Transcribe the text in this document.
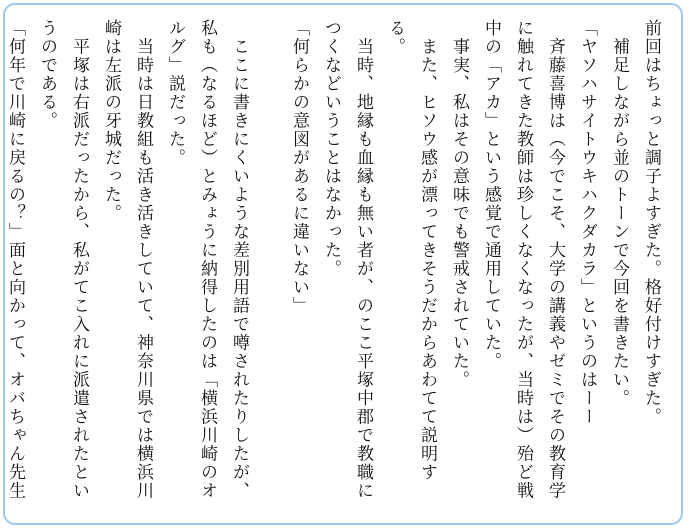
前回はちょっと調子よすぎた。格好付けすぎた。

　補足しながら並のトーンで今回を書きたい。

「ヤソハサイトウキハクダカラ」というのはーー

　斉藤喜博は（今でこそ、大学の講義やゼミでその教育学に触れてきた教師は珍しくなくなったが、当時は）殆ど戦中の「アカ」という感覚で通用していた。

　事実、私はその意味でも警戒されていた。

　また、ヒソウ感が漂ってきそうだからあわてて説明する。

　当時、地縁も血縁も無い者が、のここ平塚中郡で教職につくなどいうことはなかった。

「何らかの意図があるに違いない」

　ここに書きにくいような差別用語で噂されたりしたが、私も（なるほど）とみょうに納得したのは「横浜川崎のオルグ」説だった。

　当時は日教組も活き活きしていて、神奈川県では横浜川崎は左派の牙城だった。

　平塚は右派だったから、私がてこ入れに派遣されたというのである。

「何年で川崎に戻るの？」面と向かって、オバちゃん先生
